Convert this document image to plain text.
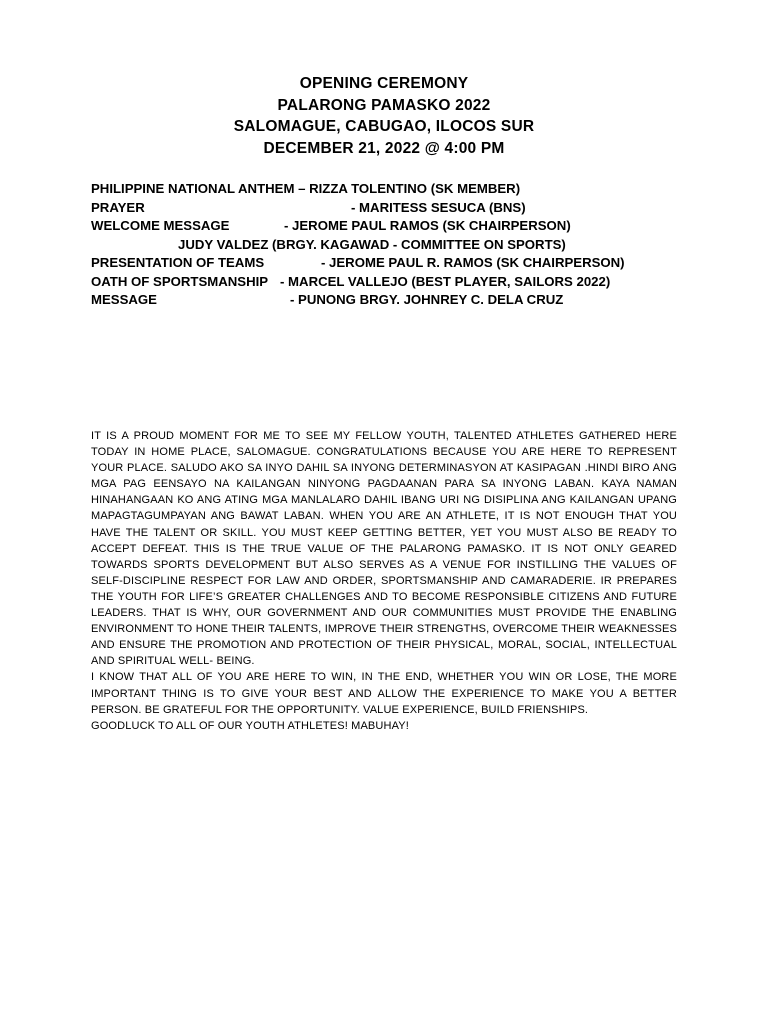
OPENING CEREMONY
PALARONG PAMASKO 2022
SALOMAGUE, CABUGAO, ILOCOS SUR
DECEMBER 21, 2022 @ 4:00 PM
PHILIPPINE NATIONAL ANTHEM – RIZZA TOLENTINO (SK MEMBER)
PRAYER	- MARITESS SESUCA (BNS)
WELCOME MESSAGE	- JEROME PAUL RAMOS (SK CHAIRPERSON)
JUDY VALDEZ (BRGY. KAGAWAD - COMMITTEE ON SPORTS)
PRESENTATION OF TEAMS	- JEROME PAUL R. RAMOS (SK CHAIRPERSON)
OATH OF SPORTSMANSHIP - MARCEL VALLEJO (BEST PLAYER, SAILORS 2022)
MESSAGE	- PUNONG BRGY. JOHNREY C. DELA CRUZ

IT IS A PROUD MOMENT FOR ME TO SEE MY FELLOW YOUTH, TALENTED ATHLETES GATHERED HERE TODAY IN HOME PLACE, SALOMAGUE. CONGRATULATIONS BECAUSE YOU ARE HERE TO REPRESENT YOUR PLACE. SALUDO AKO SA INYO DAHIL SA INYONG DETERMINASYON AT KASIPAGAN .HINDI BIRO ANG MGA PAG EENSAYO NA KAILANGAN NINYONG PAGDAANAN PARA SA INYONG LABAN. KAYA NAMAN HINAHANGAAN KO ANG ATING MGA MANLALARO DAHIL IBANG URI NG DISIPLINA ANG KAILANGAN UPANG MAPAGTAGUMPAYAN ANG BAWAT LABAN. WHEN YOU ARE AN ATHLETE, IT IS NOT ENOUGH THAT YOU HAVE THE TALENT OR SKILL. YOU MUST KEEP GETTING BETTER, YET YOU MUST ALSO BE READY TO ACCEPT DEFEAT. THIS IS THE TRUE VALUE OF THE PALARONG PAMASKO. IT IS NOT ONLY GEARED TOWARDS SPORTS DEVELOPMENT BUT ALSO SERVES AS A VENUE FOR INSTILLING THE VALUES OF SELF-DISCIPLINE RESPECT FOR LAW AND ORDER, SPORTSMANSHIP AND CAMARADERIE. IR PREPARES THE YOUTH FOR LIFE’S GREATER CHALLENGES AND TO BECOME RESPONSIBLE CITIZENS AND FUTURE LEADERS. THAT IS WHY, OUR GOVERNMENT AND OUR COMMUNITIES MUST PROVIDE THE ENABLING ENVIRONMENT TO HONE THEIR TALENTS, IMPROVE THEIR STRENGTHS, OVERCOME THEIR WEAKNESSES AND ENSURE THE PROMOTION AND PROTECTION OF THEIR PHYSICAL, MORAL, SOCIAL, INTELLECTUAL AND SPIRITUAL WELL- BEING.

I KNOW THAT ALL OF YOU ARE HERE TO WIN, IN THE END, WHETHER YOU WIN OR LOSE, THE MORE IMPORTANT THING IS TO GIVE YOUR BEST AND ALLOW THE EXPERIENCE TO MAKE YOU A BETTER PERSON. BE GRATEFUL FOR THE OPPORTUNITY. VALUE EXPERIENCE, BUILD FRIENSHIPS.

GOODLUCK TO ALL OF OUR YOUTH ATHLETES! MABUHAY!
